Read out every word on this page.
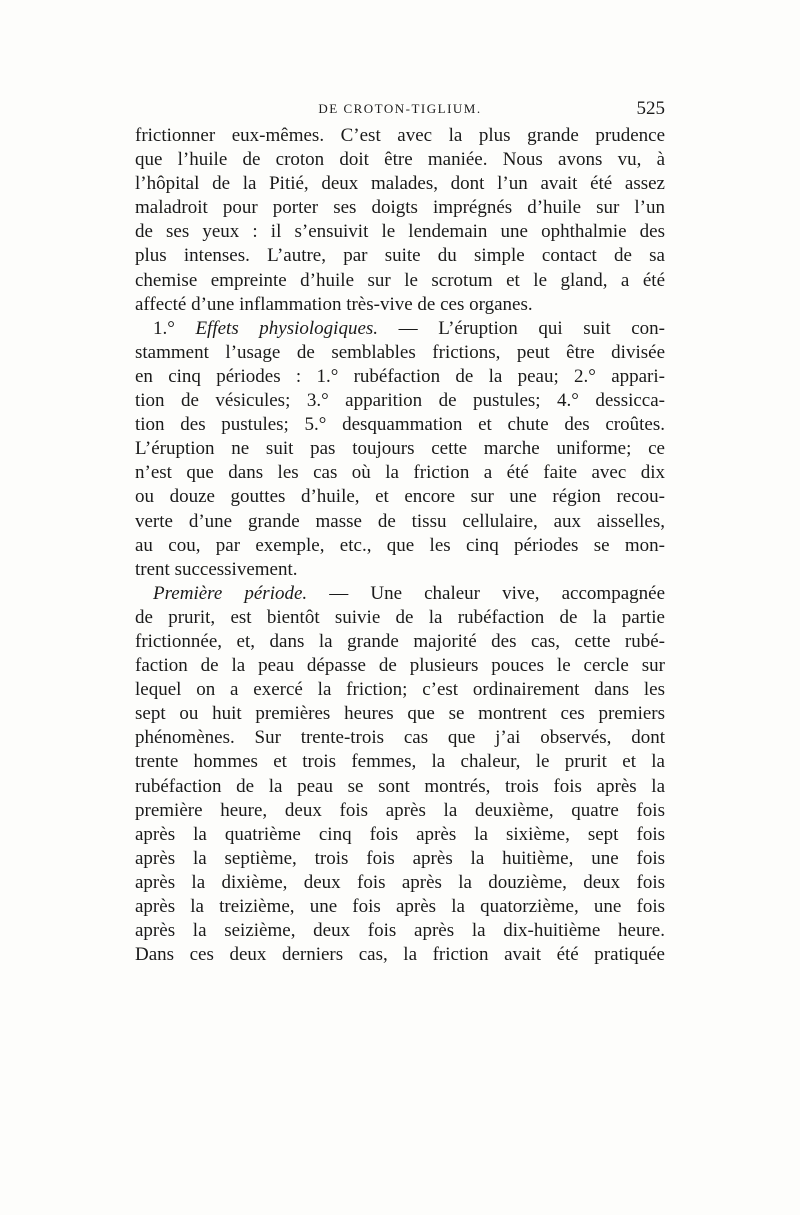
DE CROTON-TIGLIUM.	525
frictionner eux-mêmes. C’est avec la plus grande prudence
que l’huile de croton doit être maniée. Nous avons vu, à
l’hôpital de la Pitié, deux malades, dont l’un avait été assez
maladroit pour porter ses doigts imprégnés d’huile sur l’un
de ses yeux : il s’ensuivit le lendemain une ophthalmie des
plus intenses. L’autre, par suite du simple contact de sa
chemise empreinte d’huile sur le scrotum et le gland, a été
affecté d’une inflammation très-vive de ces organes.
1.° Effets physiologiques. — L’éruption qui suit con-
stamment l’usage de semblables frictions, peut être divisée
en cinq périodes : 1.° rubéfaction de la peau; 2.° appari-
tion de vésicules; 3.° apparition de pustules; 4.° dessicca-
tion des pustules; 5.° desquammation et chute des croûtes.
L’éruption ne suit pas toujours cette marche uniforme; ce
n’est que dans les cas où la friction a été faite avec dix
ou douze gouttes d’huile, et encore sur une région recou-
verte d’une grande masse de tissu cellulaire, aux aisselles,
au cou, par exemple, etc., que les cinq périodes se mon-
trent successivement.
Première période. — Une chaleur vive, accompagnée
de prurit, est bientôt suivie de la rubéfaction de la partie
frictionnée, et, dans la grande majorité des cas, cette rubé-
faction de la peau dépasse de plusieurs pouces le cercle sur
lequel on a exercé la friction; c’est ordinairement dans les
sept ou huit premières heures que se montrent ces premiers
phénomènes. Sur trente-trois cas que j’ai observés, dont
trente hommes et trois femmes, la chaleur, le prurit et la
rubéfaction de la peau se sont montrés, trois fois après la
première heure, deux fois après la deuxième, quatre fois
après la quatrième cinq fois après la sixième, sept fois
après la septième, trois fois après la huitième, une fois
après la dixième, deux fois après la douzième, deux fois
après la treizième, une fois après la quatorzième, une fois
après la seizième, deux fois après la dix-huitième heure.
Dans ces deux derniers cas, la friction avait été pratiquée
